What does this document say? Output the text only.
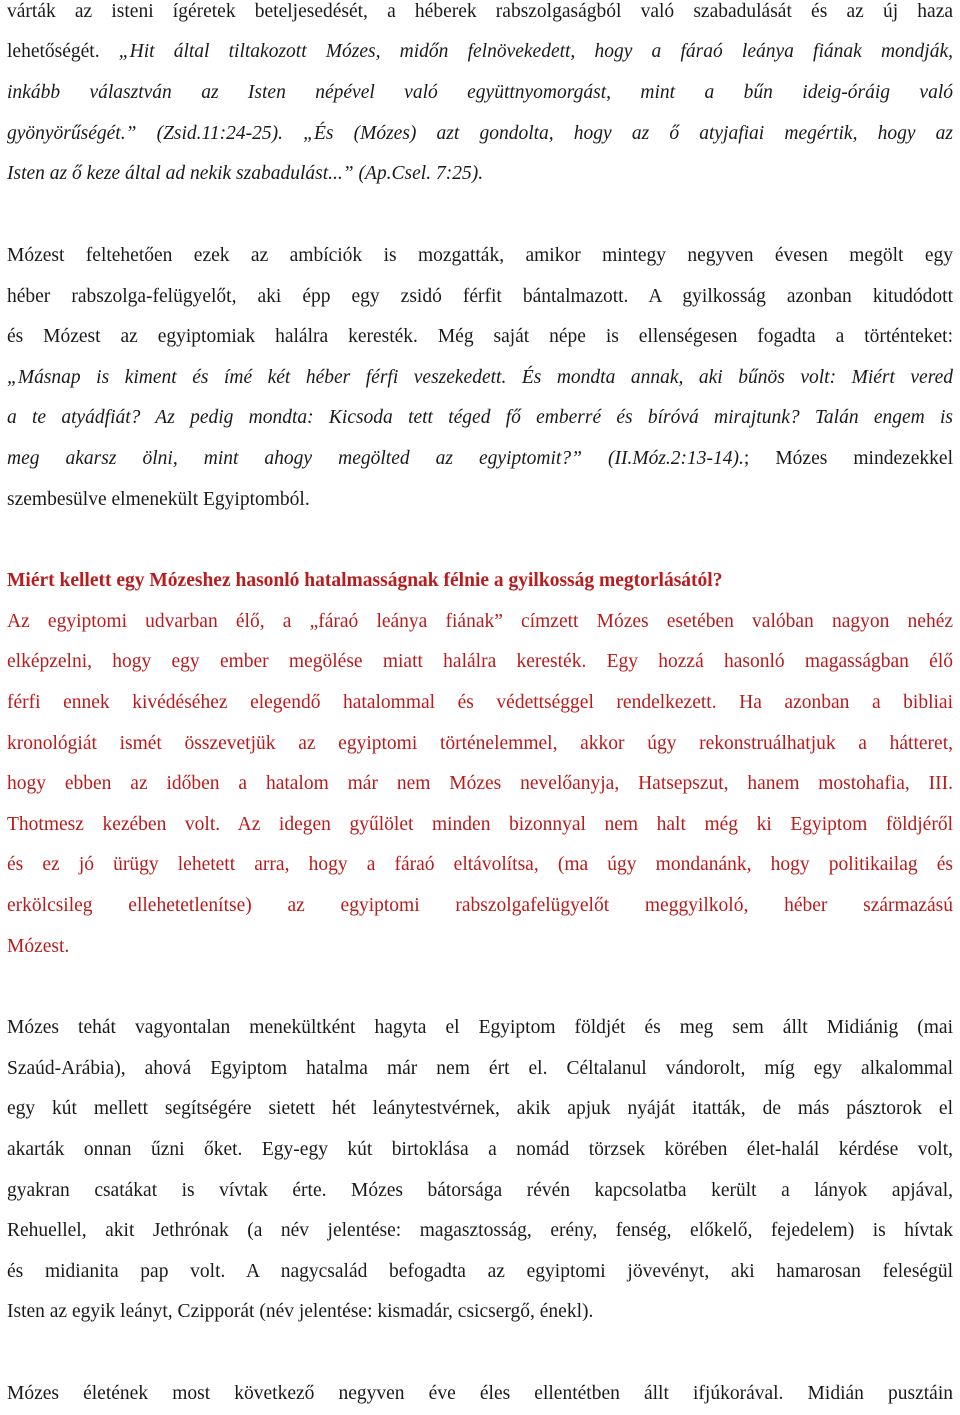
várták az isteni ígéretek beteljesedését, a héberek rabszolgaságból való szabadulását és az új haza

lehetőségét. „Hit által tiltakozott Mózes, midőn felnövekedett, hogy a fáraó leánya fiának mondják,

inkább választván az Isten népével való együttnyomorgást, mint a bűn ideig-óráig való

gyönyörűségét.” (Zsid.11:24-25). „És (Mózes) azt gondolta, hogy az ő atyjafiai megértik, hogy az

Isten az ő keze által ad nekik szabadulást...” (Ap.Csel. 7:25).

Mózest feltehetően ezek az ambíciók is mozgatták, amikor mintegy negyven évesen megölt egy

héber rabszolga-felügyelőt, aki épp egy zsidó férfit bántalmazott. A gyilkosság azonban kitudódott

és Mózest az egyiptomiak halálra keresték. Még saját népe is ellenségesen fogadta a történteket:

„Másnap is kiment és ímé két héber férfi veszekedett. És mondta annak, aki bűnös volt: Miért vered

a te atyádfiát? Az pedig mondta: Kicsoda tett téged fő emberré és bíróvá mirajtunk? Talán engem is

meg akarsz ölni, mint ahogy megölted az egyiptomit?” (II.Móz.2:13-14).; Mózes mindezekkel

szembesülve elmenekült Egyiptomból.

Miért kellett egy Mózeshez hasonló hatalmasságnak félnie a gyilkosság megtorlásától?

Az egyiptomi udvarban élő, a „fáraó leánya fiának” címzett Mózes esetében valóban nagyon nehéz

elképzelni, hogy egy ember megölése miatt halálra keresték. Egy hozzá hasonló magasságban élő

férfi ennek kivédéséhez elegendő hatalommal és védettséggel rendelkezett. Ha azonban a bibliai

kronológiát ismét összevetjük az egyiptomi történelemmel, akkor úgy rekonstruálhatjuk a hátteret,

hogy ebben az időben a hatalom már nem Mózes nevelőanyja, Hatsepszut, hanem mostohafia, III.

Thotmesz kezében volt. Az idegen gyűlölet minden bizonnyal nem halt még ki Egyiptom földjéről

és ez jó ürügy lehetett arra, hogy a fáraó eltávolítsa, (ma úgy mondanánk, hogy politikailag és

erkölcsileg ellehetetlenítse) az egyiptomi rabszolgafelügyelőt meggyilkoló, héber származású

Mózest.

Mózes tehát vagyontalan menekültként hagyta el Egyiptom földjét és meg sem állt Midiánig (mai

Szaúd-Arábia), ahová Egyiptom hatalma már nem ért el. Céltalanul vándorolt, míg egy alkalommal

egy kút mellett segítségére sietett hét leánytestvérnek, akik apjuk nyáját itatták, de más pásztorok el

akarták onnan űzni őket. Egy-egy kút birtoklása a nomád törzsek körében élet-halál kérdése volt,

gyakran csatákat is vívtak érte. Mózes bátorsága révén kapcsolatba került a lányok apjával,

Rehuellel, akit Jethrónak (a név jelentése: magasztosság, erény, fenség, előkelő, fejedelem) is hívtak

és midianita pap volt. A nagycsalád befogadta az egyiptomi jövevényt, aki hamarosan feleségül

Isten az egyik leányt, Czipporát (név jelentése: kismadár, csicsergő, énekl).

Mózes életének most következő negyven éve éles ellentétben állt ifjúkorával. Midián pusztáin
